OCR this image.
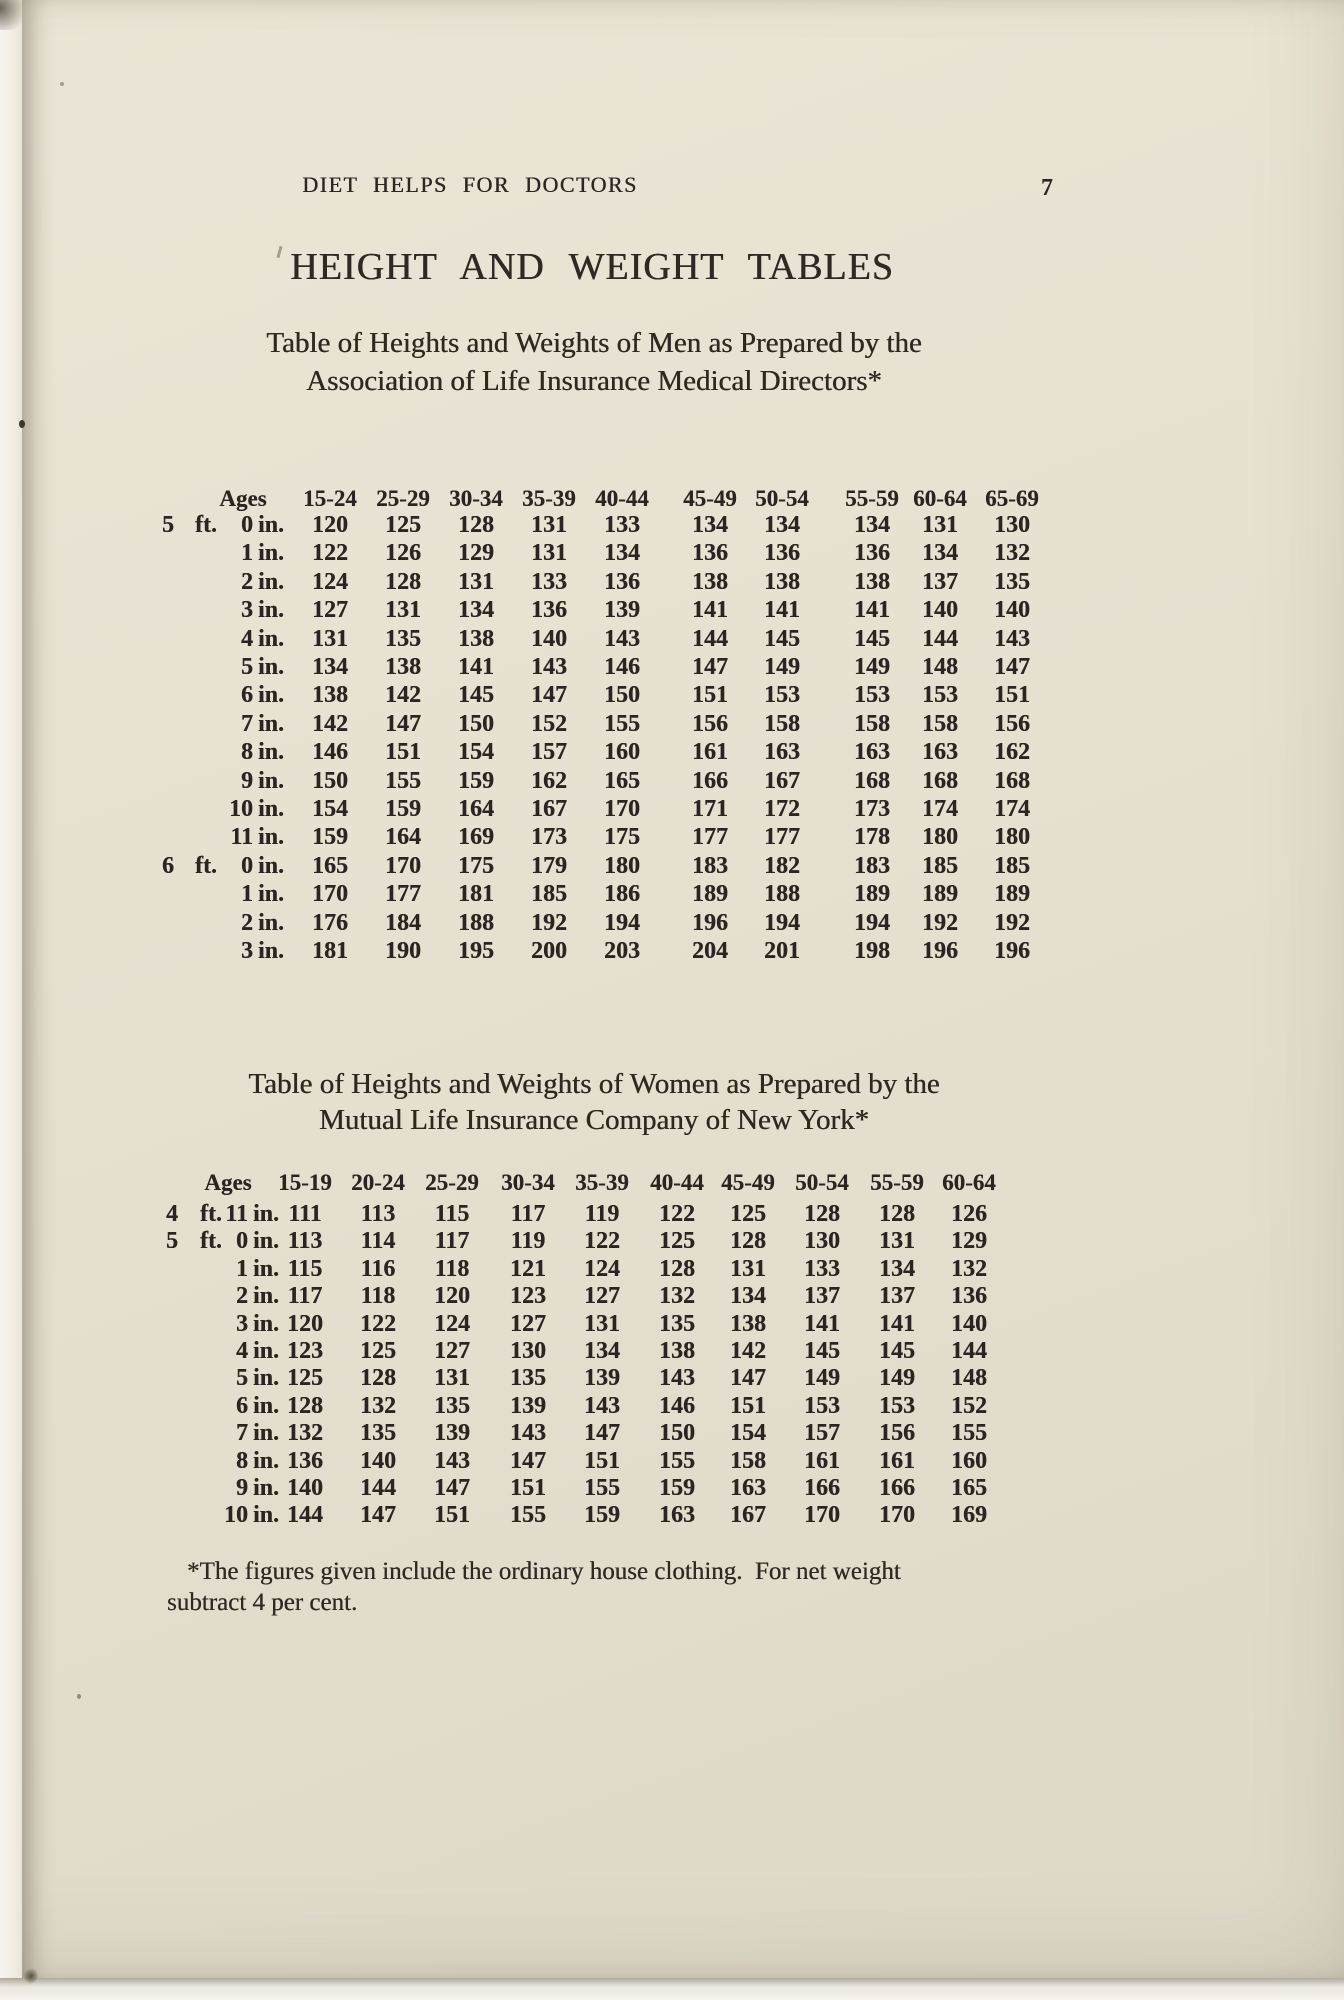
DIET HELPS FOR DOCTORS	7
HEIGHT AND WEIGHT TABLES
Table of Heights and Weights of Men as Prepared by the
Association of Life Insurance Medical Directors*
Ages 15-24 25-29 30-34 35-39 40-44 45-49 50-54 55-59 60-64 65-69
5 ft. 0 in. 120 125 128 131 133 134 134 134 131 130
1 in. 122 126 129 131 134 136 136 136 134 132
2 in. 124 128 131 133 136 138 138 138 137 135
3 in. 127 131 134 136 139 141 141 141 140 140
4 in. 131 135 138 140 143 144 145 145 144 143
5 in. 134 138 141 143 146 147 149 149 148 147
6 in. 138 142 145 147 150 151 153 153 153 151
7 in. 142 147 150 152 155 156 158 158 158 156
8 in. 146 151 154 157 160 161 163 163 163 162
9 in. 150 155 159 162 165 166 167 168 168 168
10 in. 154 159 164 167 170 171 172 173 174 174
11 in. 159 164 169 173 175 177 177 178 180 180
6 ft. 0 in. 165 170 175 179 180 183 182 183 185 185
1 in. 170 177 181 185 186 189 188 189 189 189
2 in. 176 184 188 192 194 196 194 194 192 192
3 in. 181 190 195 200 203 204 201 198 196 196
Table of Heights and Weights of Women as Prepared by the
Mutual Life Insurance Company of New York*
Ages 15-19 20-24 25-29 30-34 35-39 40-44 45-49 50-54 55-59 60-64
4 ft. 11 in. 111 113 115 117 119 122 125 128 128 126
5 ft. 0 in. 113 114 117 119 122 125 128 130 131 129
1 in. 115 116 118 121 124 128 131 133 134 132
2 in. 117 118 120 123 127 132 134 137 137 136
3 in. 120 122 124 127 131 135 138 141 141 140
4 in. 123 125 127 130 134 138 142 145 145 144
5 in. 125 128 131 135 139 143 147 149 149 148
6 in. 128 132 135 139 143 146 151 153 153 152
7 in. 132 135 139 143 147 150 154 157 156 155
8 in. 136 140 143 147 151 155 158 161 161 160
9 in. 140 144 147 151 155 159 163 166 166 165
10 in. 144 147 151 155 159 163 167 170 170 169
*The figures given include the ordinary house clothing.  For net weight
subtract 4 per cent.
